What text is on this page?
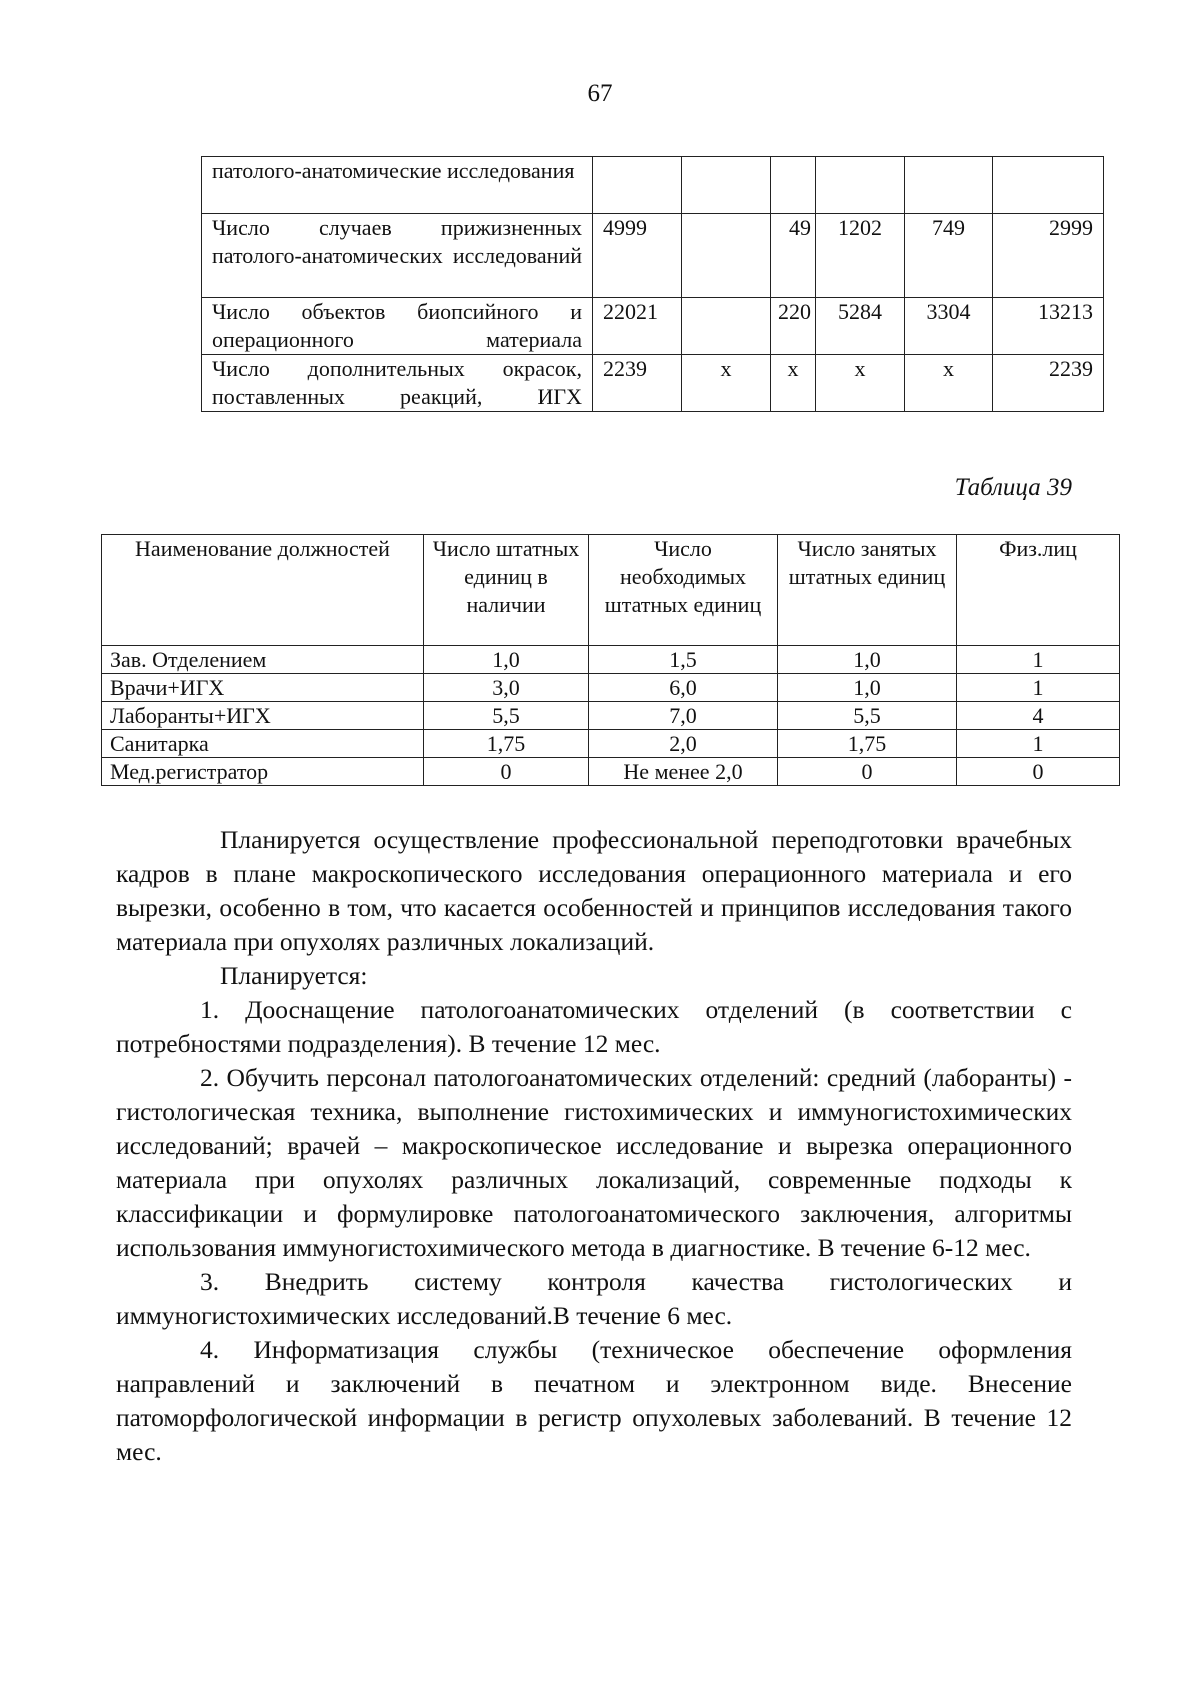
67
патолого-анатомические исследования						
Число случаев прижизненных патолого-анатомических исследований	4999		49	1202	749	2999
Число объектов биопсийного и операционного материала	22021		220	5284	3304	13213
Число дополнительных окрасок, поставленных реакций, ИГХ	2239	х	х	х	х	2239
Таблица 39
Наименование должностей	Число штатных единиц в наличии	Число необходимых штатных единиц	Число занятых штатных единиц	Физ.лиц
Зав. Отделением	1,0	1,5	1,0	1
Врачи+ИГХ	3,0	6,0	1,0	1
Лаборанты+ИГХ	5,5	7,0	5,5	4
Санитарка	1,75	2,0	1,75	1
Мед.регистратор	0	Не менее 2,0	0	0

Планируется осуществление профессиональной переподготовки врачебных кадров в плане макроскопического исследования операционного материала и его вырезки, особенно в том, что касается особенностей и принципов исследования такого материала при опухолях различных локализаций.

Планируется:

1. Дооснащение патологоанатомических отделений (в соответствии с потребностями подразделения). В течение 12 мес.

2. Обучить персонал патологоанатомических отделений: средний (лаборанты) - гистологическая техника, выполнение гистохимических и иммуногистохимических исследований; врачей – макроскопическое исследование и вырезка операционного материала при опухолях различных локализаций, современные подходы к классификации и формулировке патологоанатомического заключения, алгоритмы использования иммуногистохимического метода в диагностике. В течение 6-12 мес.

3. Внедрить систему контроля качества гистологических и иммуногистохимических исследований.В течение 6 мес.

4. Информатизация службы (техническое обеспечение оформления направлений и заключений в печатном и электронном виде. Внесение патоморфологической информации в регистр опухолевых заболеваний. В течение 12 мес.
